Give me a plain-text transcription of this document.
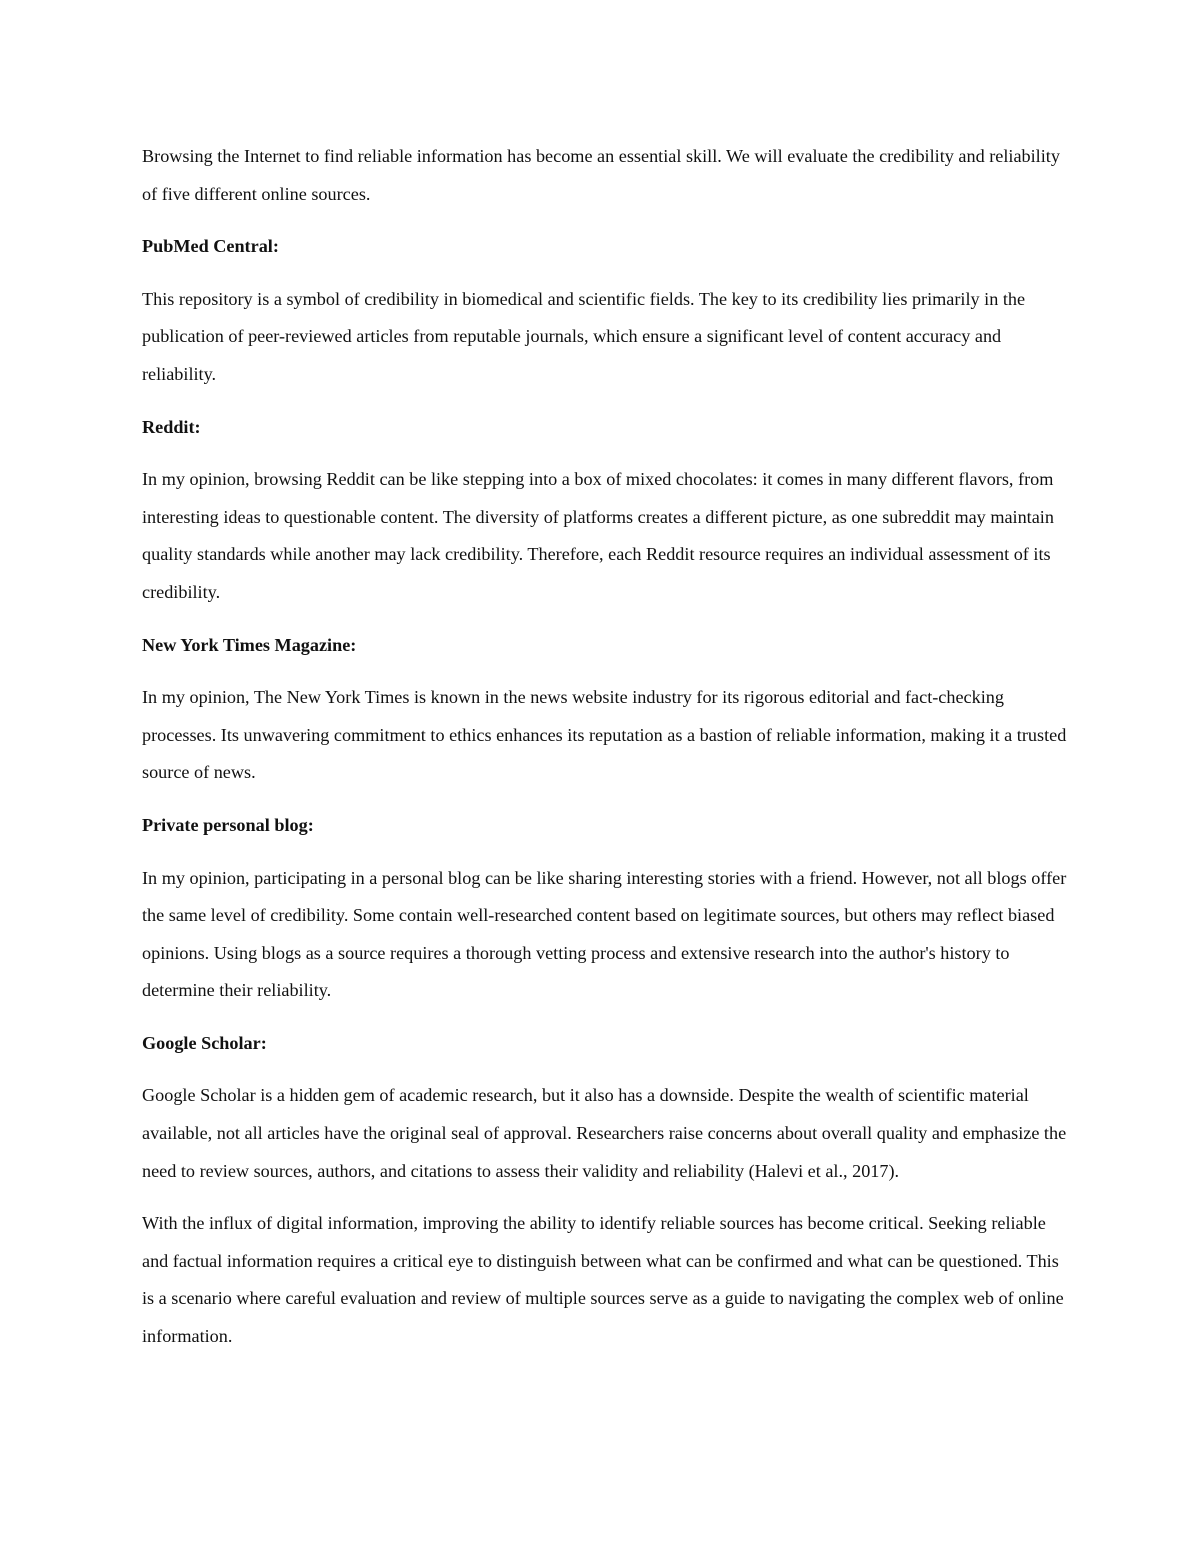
Browsing the Internet to find reliable information has become an essential skill. We will evaluate the credibility and reliability of five different online sources.

PubMed Central:

This repository is a symbol of credibility in biomedical and scientific fields. The key to its credibility lies primarily in the publication of peer-reviewed articles from reputable journals, which ensure a significant level of content accuracy and reliability.

Reddit:

In my opinion, browsing Reddit can be like stepping into a box of mixed chocolates: it comes in many different flavors, from interesting ideas to questionable content. The diversity of platforms creates a different picture, as one subreddit may maintain quality standards while another may lack credibility. Therefore, each Reddit resource requires an individual assessment of its credibility.

New York Times Magazine:

In my opinion, The New York Times is known in the news website industry for its rigorous editorial and fact-checking processes. Its unwavering commitment to ethics enhances its reputation as a bastion of reliable information, making it a trusted source of news.

Private personal blog:

In my opinion, participating in a personal blog can be like sharing interesting stories with a friend. However, not all blogs offer the same level of credibility. Some contain well-researched content based on legitimate sources, but others may reflect biased opinions. Using blogs as a source requires a thorough vetting process and extensive research into the author's history to determine their reliability.

Google Scholar:

Google Scholar is a hidden gem of academic research, but it also has a downside. Despite the wealth of scientific material available, not all articles have the original seal of approval. Researchers raise concerns about overall quality and emphasize the need to review sources, authors, and citations to assess their validity and reliability (Halevi et al., 2017).

With the influx of digital information, improving the ability to identify reliable sources has become critical. Seeking reliable and factual information requires a critical eye to distinguish between what can be confirmed and what can be questioned. This is a scenario where careful evaluation and review of multiple sources serve as a guide to navigating the complex web of online information.
